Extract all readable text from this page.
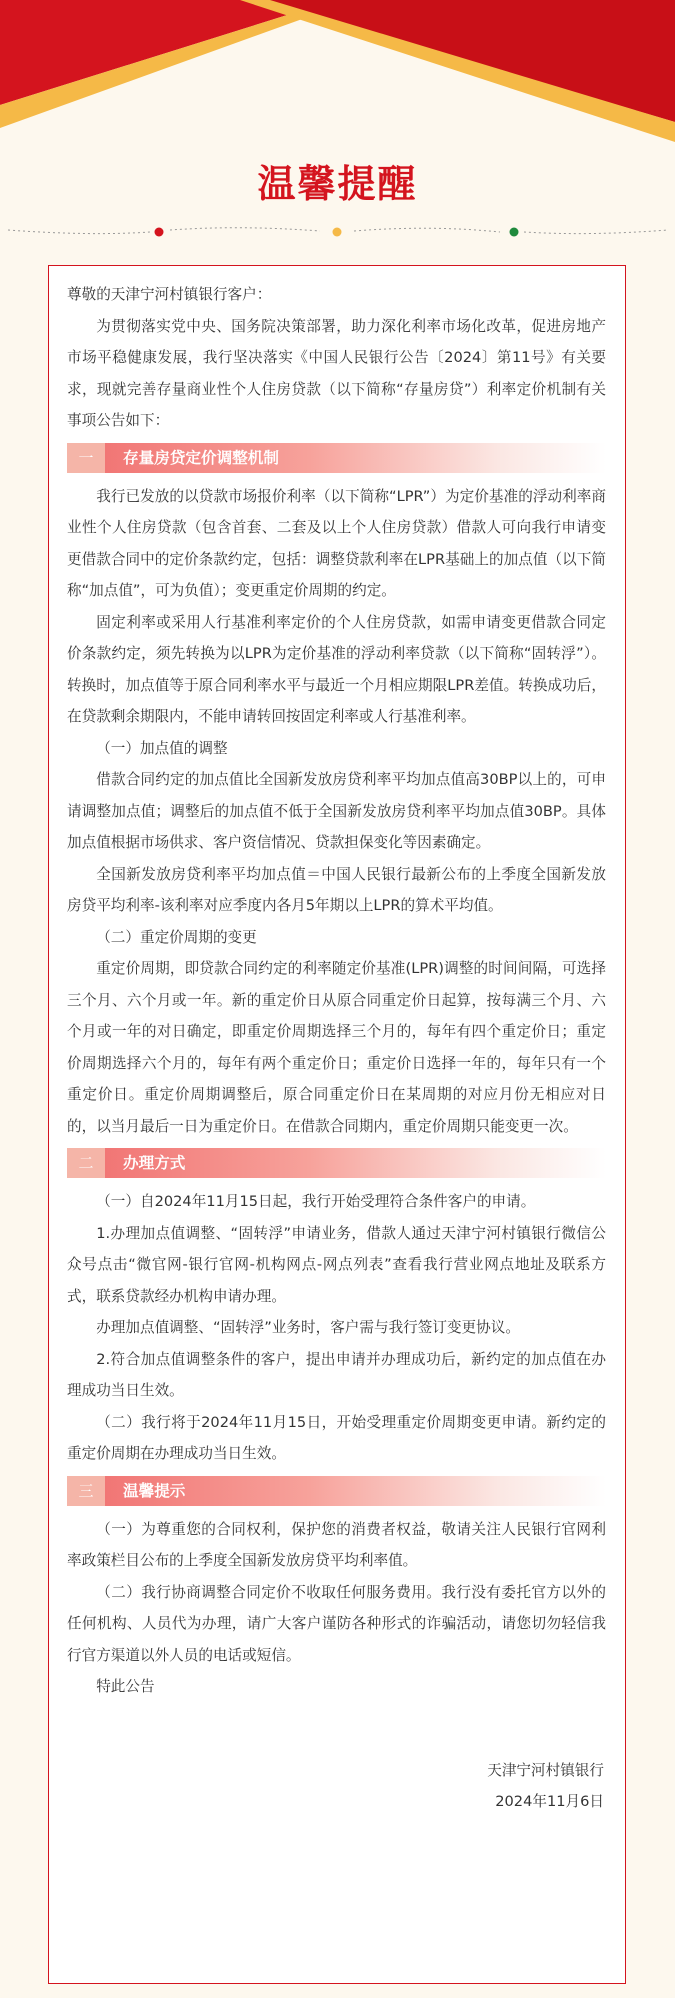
温馨提醒

尊敬的天津宁河村镇银行客户：

为贯彻落实党中央、国务院决策部署，助力深化利率市场化改革，促进房地产市场平稳健康发展，我行坚决落实《中国人民银行公告〔2024〕第11号》有关要求，现就完善存量商业性个人住房贷款（以下简称“存量房贷”）利率定价机制有关事项公告如下：

一	存量房贷定价调整机制

我行已发放的以贷款市场报价利率（以下简称“LPR”）为定价基准的浮动利率商业性个人住房贷款（包含首套、二套及以上个人住房贷款）借款人可向我行申请变更借款合同中的定价条款约定，包括：调整贷款利率在LPR基础上的加点值（以下简称“加点值”，可为负值）；变更重定价周期的约定。

固定利率或采用人行基准利率定价的个人住房贷款，如需申请变更借款合同定价条款约定，须先转换为以LPR为定价基准的浮动利率贷款（以下简称“固转浮”）。转换时，加点值等于原合同利率水平与最近一个月相应期限LPR差值。转换成功后，在贷款剩余期限内，不能申请转回按固定利率或人行基准利率。

（一）加点值的调整

借款合同约定的加点值比全国新发放房贷利率平均加点值高30BP以上的，可申请调整加点值；调整后的加点值不低于全国新发放房贷利率平均加点值30BP。具体加点值根据市场供求、客户资信情况、贷款担保变化等因素确定。

全国新发放房贷利率平均加点值＝中国人民银行最新公布的上季度全国新发放房贷平均利率-该利率对应季度内各月5年期以上LPR的算术平均值。

（二）重定价周期的变更

重定价周期，即贷款合同约定的利率随定价基准(LPR)调整的时间间隔，可选择三个月、六个月或一年。新的重定价日从原合同重定价日起算，按每满三个月、六个月或一年的对日确定，即重定价周期选择三个月的，每年有四个重定价日；重定价周期选择六个月的，每年有两个重定价日；重定价日选择一年的，每年只有一个重定价日。重定价周期调整后，原合同重定价日在某周期的对应月份无相应对日的，以当月最后一日为重定价日。在借款合同期内，重定价周期只能变更一次。

二	办理方式

（一）自2024年11月15日起，我行开始受理符合条件客户的申请。

1.办理加点值调整、“固转浮”申请业务，借款人通过天津宁河村镇银行微信公众号点击“微官网-银行官网-机构网点-网点列表”查看我行营业网点地址及联系方式，联系贷款经办机构申请办理。

办理加点值调整、“固转浮”业务时，客户需与我行签订变更协议。

2.符合加点值调整条件的客户，提出申请并办理成功后，新约定的加点值在办理成功当日生效。

（二）我行将于2024年11月15日，开始受理重定价周期变更申请。新约定的重定价周期在办理成功当日生效。

三	温馨提示

（一）为尊重您的合同权利，保护您的消费者权益，敬请关注人民银行官网利率政策栏目公布的上季度全国新发放房贷平均利率值。

（二）我行协商调整合同定价不收取任何服务费用。我行没有委托官方以外的任何机构、人员代为办理，请广大客户谨防各种形式的诈骗活动，请您切勿轻信我行官方渠道以外人员的电话或短信。

特此公告

天津宁河村镇银行

2024年11月6日
